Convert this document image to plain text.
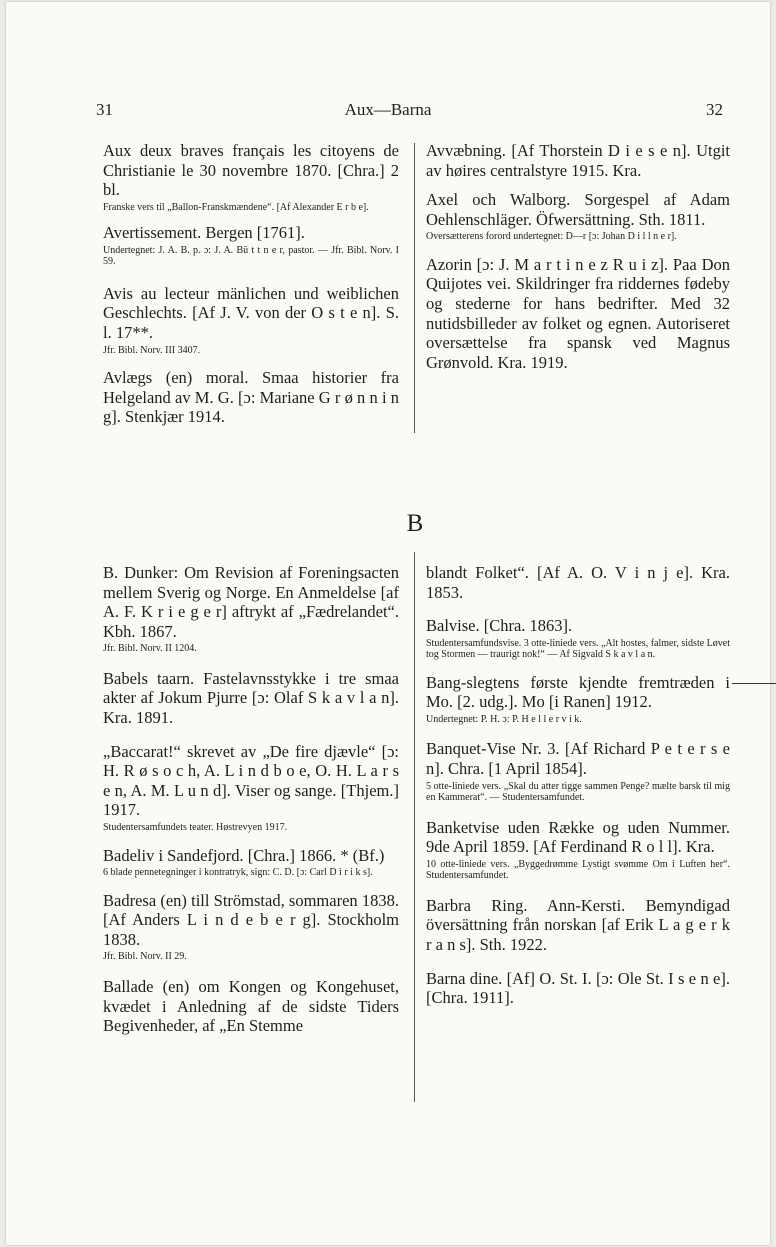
31	Aux—Barna	32
Aux deux braves français les citoyens de Christianie le 30 novembre 1870. [Chra.] 2 bl.
Franske vers til „Ballon-Franskmændene“. [Af Alexander E r b e].
Avertissement. Bergen [1761].
Undertegnet: J. A. B. p. ɔ: J. A. Bü t t n e r, pastor. — Jfr. Bibl. Norv. I 59.
Avis au lecteur mänlichen und weiblichen Geschlechts. [Af J. V. von der O s t e n]. S. l. 17**.
Jfr. Bibl. Norv. III 3407.
Avlægs (en) moral. Smaa historier fra Helgeland av M. G. [ɔ: Mariane G r ø n n i n g]. Stenkjær 1914.
Avvæbning. [Af Thorstein D i e s e n]. Utgit av høires centralstyre 1915. Kra.
Axel och Walborg. Sorgespel af Adam Oehlenschläger. Öfwersättning. Sth. 1811.
Oversætterens forord undertegnet: D—r [ɔ: Johan D i l l n e r].
Azorin [ɔ: J. M a r t i n e z R u i z]. Paa Don Quijotes vei. Skildringer fra riddernes fødeby og stederne for hans bedrifter. Med 32 nutidsbilleder av folket og egnen. Autoriseret oversættelse fra spansk ved Magnus Grønvold. Kra. 1919.
B
B. Dunker: Om Revision af Foreningsacten mellem Sverig og Norge. En Anmeldelse [af A. F. K r i e g e r] aftrykt af „Fædrelandet“. Kbh. 1867.
Jfr. Bibl. Norv. II 1204.
Babels taarn. Fastelavnsstykke i tre smaa akter af Jokum Pjurre [ɔ: Olaf S k a v l a n]. Kra. 1891.
„Baccarat!“ skrevet av „De fire djævle“ [ɔ: H. R ø s o c h, A. L i n d b o e, O. H. L a r s e n, A. M. L u n d]. Viser og sange. [Thjem.] 1917.
Studentersamfundets teater. Høstrevyen 1917.
Badeliv i Sandefjord. [Chra.] 1866. * (Bf.)
6 blade pennetegninger i kontratryk, sign: C. D. [ɔ: Carl D i r i k s].
Badresa (en) till Strömstad, sommaren 1838. [Af Anders L i n d e b e r g]. Stockholm 1838.
Jfr. Bibl. Norv. II 29.
Ballade (en) om Kongen og Kongehuset, kvædet i Anledning af de sidste Tiders Begivenheder, af „En Stemme
blandt Folket“. [Af A. O. V i n j e]. Kra. 1853.
Balvise. [Chra. 1863].
Studentersamfundsvise. 3 otte-liniede vers. „Alt hostes, falmer, sidste Løvet tog Stormen — traurigt nok!“ — Af Sigvald S k a v l a n.
Bang-slegtens første kjendte fremtræden i Mo. [2. udg.]. Mo [i Ranen] 1912.
Undertegnet: P. H. ɔ: P. H e l l e r v i k.
Banquet-Vise Nr. 3. [Af Richard P e t e r s e n]. Chra. [1 April 1854].
5 otte-liniede vers. „Skal du atter tigge sammen Penge? mælte barsk til mig en Kammerat“. — Studentersamfundet.
Banketvise uden Række og uden Nummer. 9de April 1859. [Af Ferdinand R o l l]. Kra.
10 otte-liniede vers. „Byggedrømme Lystigt svømme Om i Luften her“. Studentersamfundet.
Barbra Ring. Ann-Kersti. Bemyndigad översättning från norskan [af Erik L a g e r k r a n s]. Sth. 1922.
Barna dine. [Af] O. St. I. [ɔ: Ole St. I s e n e]. [Chra. 1911].
